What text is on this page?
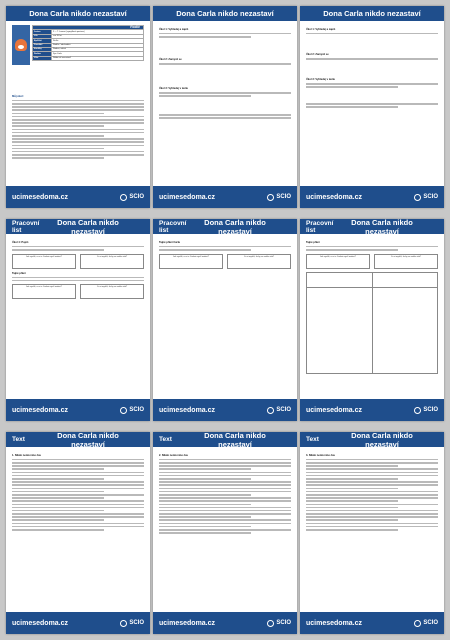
Dona Carla nikdo nezastaví
Rodič	
Jméno	Z. + T. Lorenzi (vymyšlená postava)
Věk	cca 35 let
Bydliště	Sicílie
Povolání	Rodiče / obchodníci
Koníčky	Rodina, vaření
Rodina	Syn Carlo
Věta	Nikdo mě nezastaví!
Můj úkol:
ucimesedoma.cz	SCIO
Dona Carla nikdo nezastaví
Úkol 1: Vyhledej a zapiš
Úkol 2: Zamysli se
Úkol 3: Vyhledej v textu
ucimesedoma.cz	SCIO
Dona Carla nikdo nezastaví
Úkol 1: Vyhledej a zapiš
Úkol 2: Zamysli se
Úkol 3: Vyhledej v textu
ucimesedoma.cz	SCIO
Pracovní list
Dona Carla nikdo nezastaví
Úkol 4: Popiš
Jak myslíš, co si o Carlovi myslí ostatní?	Co si myslíš, že by se mohlo stát?
Tajné přání
Jak myslíš, co si o Carlovi myslí ostatní?	Co si myslíš, že by se mohlo stát?
ucimesedoma.cz	SCIO
Pracovní list
Dona Carla nikdo nezastaví
Tajné přání Carla
Jak myslíš, co si o Carlovi myslí ostatní?	Co si myslíš, že by se mohlo stát?
ucimesedoma.cz	SCIO
Pracovní list
Dona Carla nikdo nezastaví
Tajné přání
Jak myslíš, co si o Carlovi myslí ostatní?	Co si myslíš, že by se mohlo stát?
ucimesedoma.cz	SCIO
Text	Dona Carla nikdo nezastaví
1. Nikdo nemá ráno čas
ucimesedoma.cz	SCIO
Text	Dona Carla nikdo nezastaví
2. Nikdo nemá ráno čas
ucimesedoma.cz	SCIO
Text	Dona Carla nikdo nezastaví
3. Nikdo nemá ráno čas
ucimesedoma.cz	SCIO
